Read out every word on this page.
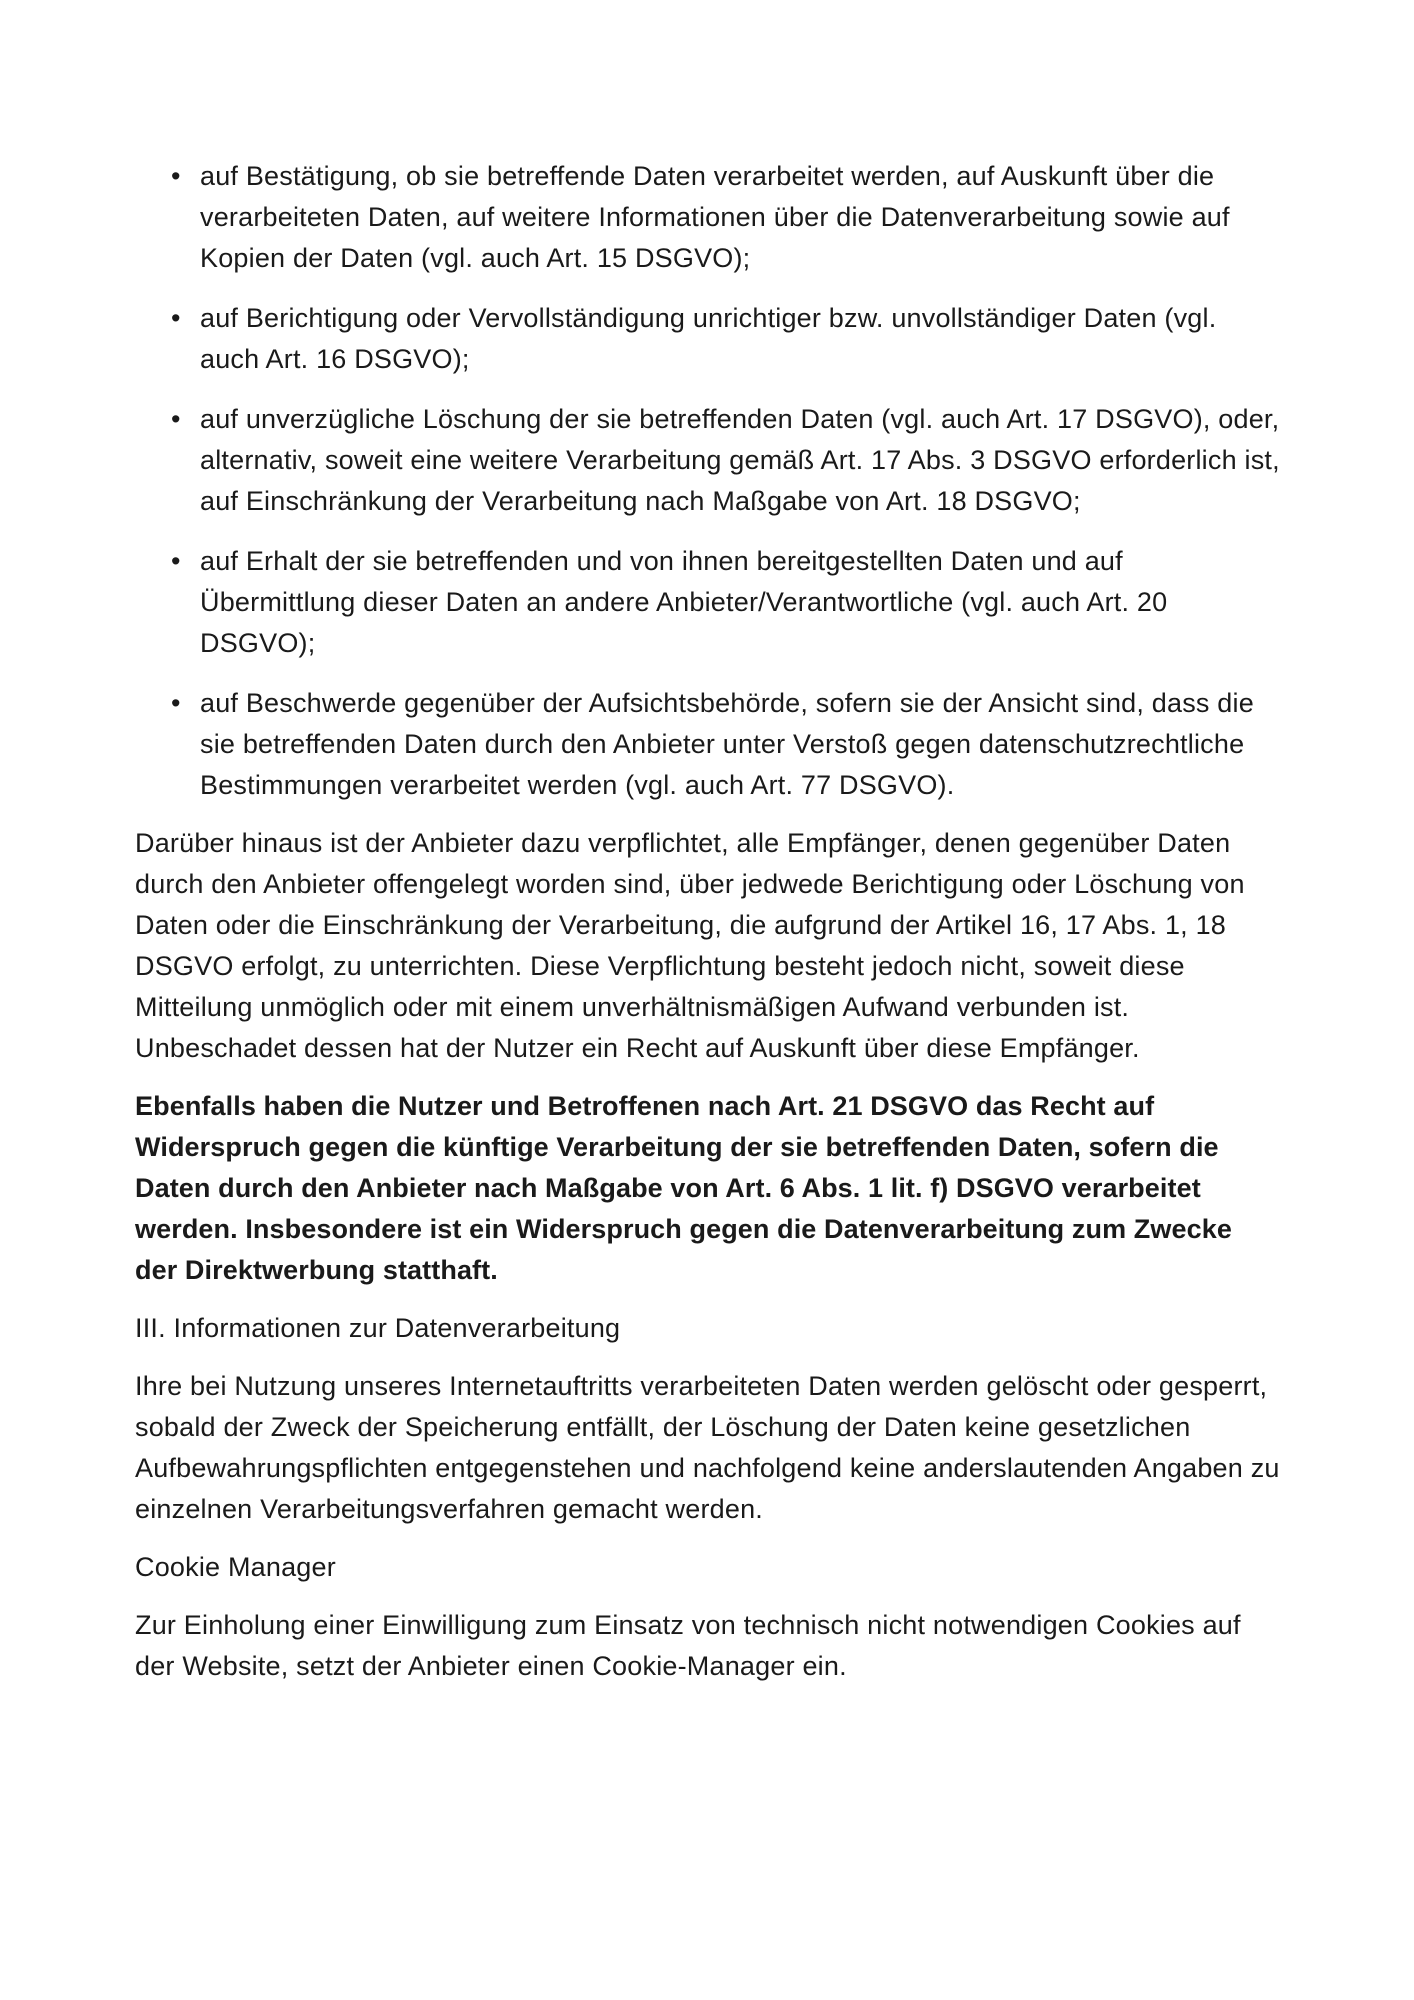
• auf Bestätigung, ob sie betreffende Daten verarbeitet werden, auf Auskunft über die verarbeiteten Daten, auf weitere Informationen über die Datenverarbeitung sowie auf Kopien der Daten (vgl. auch Art. 15 DSGVO);
• auf Berichtigung oder Vervollständigung unrichtiger bzw. unvollständiger Daten (vgl. auch Art. 16 DSGVO);
• auf unverzügliche Löschung der sie betreffenden Daten (vgl. auch Art. 17 DSGVO), oder, alternativ, soweit eine weitere Verarbeitung gemäß Art. 17 Abs. 3 DSGVO erforderlich ist, auf Einschränkung der Verarbeitung nach Maßgabe von Art. 18 DSGVO;
• auf Erhalt der sie betreffenden und von ihnen bereitgestellten Daten und auf Übermittlung dieser Daten an andere Anbieter/Verantwortliche (vgl. auch Art. 20 DSGVO);
• auf Beschwerde gegenüber der Aufsichtsbehörde, sofern sie der Ansicht sind, dass die sie betreffenden Daten durch den Anbieter unter Verstoß gegen datenschutzrechtliche Bestimmungen verarbeitet werden (vgl. auch Art. 77 DSGVO).

Darüber hinaus ist der Anbieter dazu verpflichtet, alle Empfänger, denen gegenüber Daten durch den Anbieter offengelegt worden sind, über jedwede Berichtigung oder Löschung von Daten oder die Einschränkung der Verarbeitung, die aufgrund der Artikel 16, 17 Abs. 1, 18 DSGVO erfolgt, zu unterrichten. Diese Verpflichtung besteht jedoch nicht, soweit diese Mitteilung unmöglich oder mit einem unverhältnismäßigen Aufwand verbunden ist. Unbeschadet dessen hat der Nutzer ein Recht auf Auskunft über diese Empfänger.

Ebenfalls haben die Nutzer und Betroffenen nach Art. 21 DSGVO das Recht auf Widerspruch gegen die künftige Verarbeitung der sie betreffenden Daten, sofern die Daten durch den Anbieter nach Maßgabe von Art. 6 Abs. 1 lit. f) DSGVO verarbeitet werden. Insbesondere ist ein Widerspruch gegen die Datenverarbeitung zum Zwecke der Direktwerbung statthaft.

III. Informationen zur Datenverarbeitung

Ihre bei Nutzung unseres Internetauftritts verarbeiteten Daten werden gelöscht oder gesperrt, sobald der Zweck der Speicherung entfällt, der Löschung der Daten keine gesetzlichen Aufbewahrungspflichten entgegenstehen und nachfolgend keine anderslautenden Angaben zu einzelnen Verarbeitungsverfahren gemacht werden.

Cookie Manager

Zur Einholung einer Einwilligung zum Einsatz von technisch nicht notwendigen Cookies auf der Website, setzt der Anbieter einen Cookie-Manager ein.
